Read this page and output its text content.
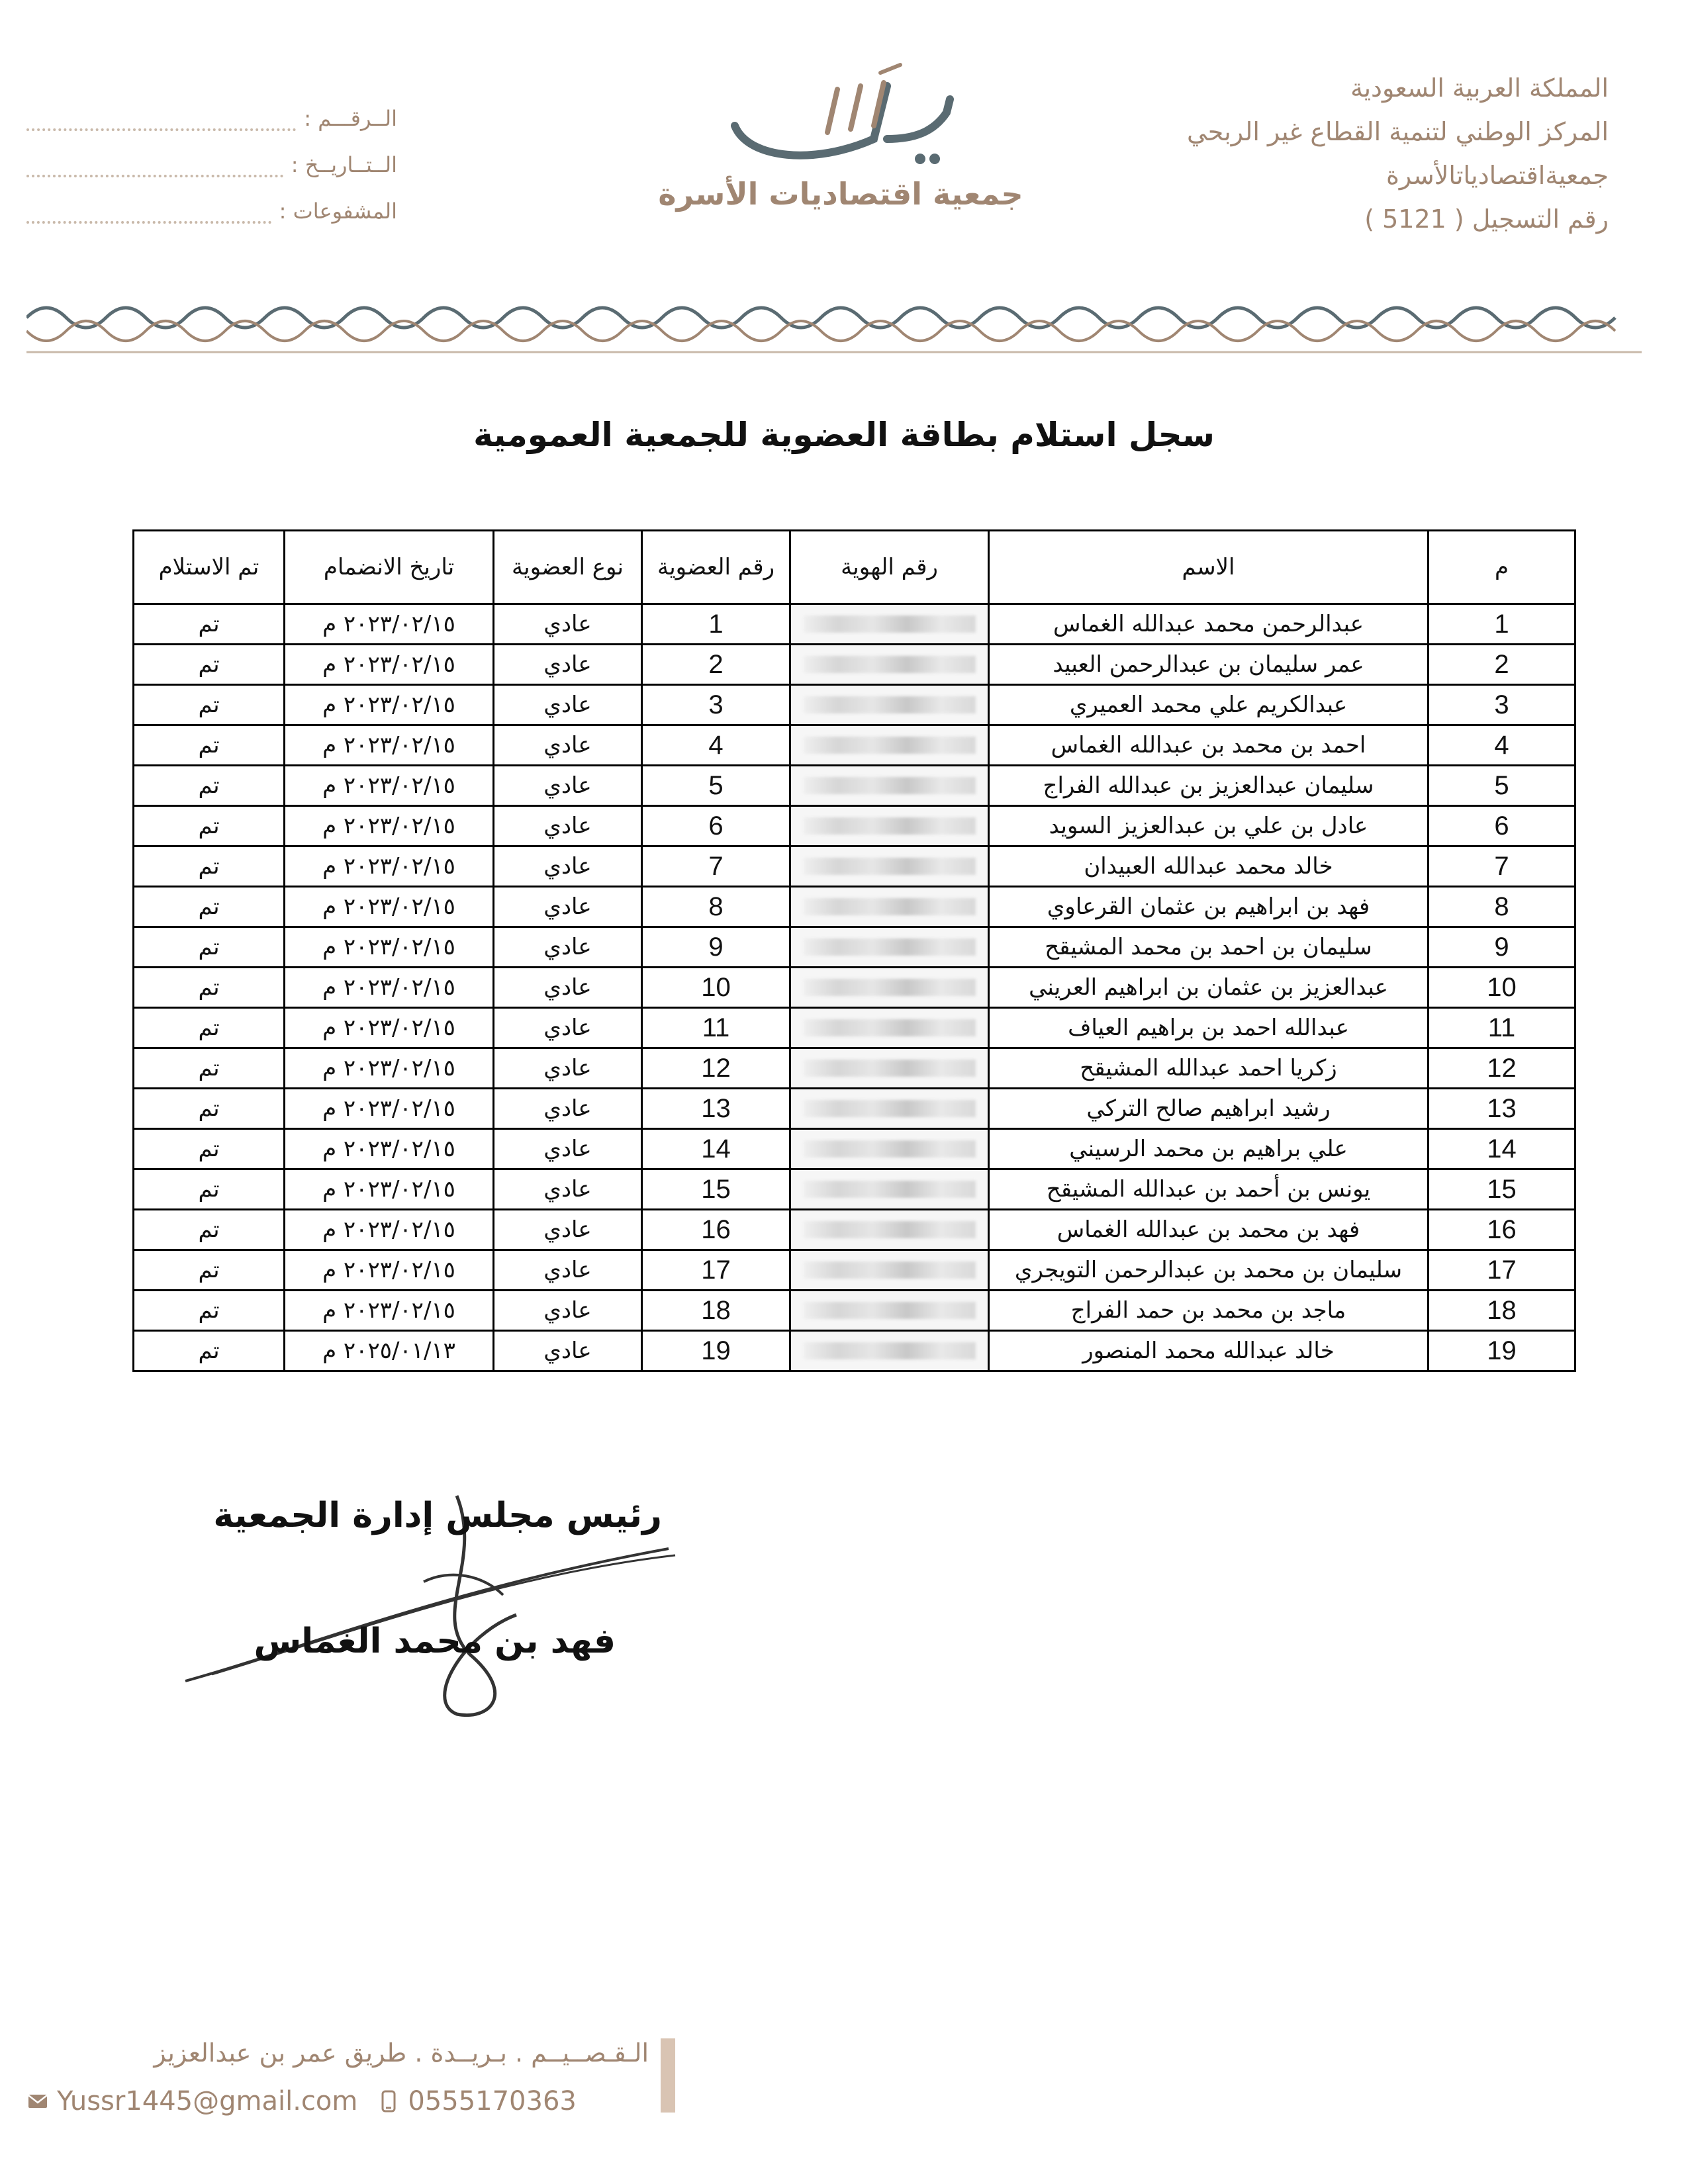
المملكة العربية السعودية
المركز الوطني لتنمية القطاع غير الربحي
جمعيةاقتصادياتالأسرة
رقم التسجيل ( 5121 )
الــرقـــم :
الــتــاريــخ :
المشفوعات :	جمعية اقتصاديات الأسرة
سجل استلام بطاقة العضوية للجمعية العمومية
م	الاسم	رقم الهوية	رقم العضوية	نوع العضوية	تاريخ الانضمام	تم الاستلام
1	عبدالرحمن محمد عبدالله الغماس		1	عادي	٢٠٢٣/٠٢/١٥ م	تم
2	عمر سليمان بن عبدالرحمن العبيد		2	عادي	٢٠٢٣/٠٢/١٥ م	تم
3	عبدالكريم علي محمد العميري		3	عادي	٢٠٢٣/٠٢/١٥ م	تم
4	احمد بن محمد بن عبدالله الغماس		4	عادي	٢٠٢٣/٠٢/١٥ م	تم
5	سليمان عبدالعزيز بن عبدالله الفراج		5	عادي	٢٠٢٣/٠٢/١٥ م	تم
6	عادل بن علي بن عبدالعزيز السويد		6	عادي	٢٠٢٣/٠٢/١٥ م	تم
7	خالد محمد عبدالله العبيدان		7	عادي	٢٠٢٣/٠٢/١٥ م	تم
8	فهد بن ابراهيم بن عثمان القرعاوي		8	عادي	٢٠٢٣/٠٢/١٥ م	تم
9	سليمان بن احمد بن محمد المشيقح		9	عادي	٢٠٢٣/٠٢/١٥ م	تم
10	عبدالعزيز بن عثمان بن ابراهيم العريني		10	عادي	٢٠٢٣/٠٢/١٥ م	تم
11	عبدالله احمد بن براهيم العياف		11	عادي	٢٠٢٣/٠٢/١٥ م	تم
12	زكريا احمد عبدالله المشيقح		12	عادي	٢٠٢٣/٠٢/١٥ م	تم
13	رشيد ابراهيم صالح التركي		13	عادي	٢٠٢٣/٠٢/١٥ م	تم
14	علي براهيم بن محمد الرسيني		14	عادي	٢٠٢٣/٠٢/١٥ م	تم
15	يونس بن أحمد بن عبدالله المشيقح		15	عادي	٢٠٢٣/٠٢/١٥ م	تم
16	فهد بن محمد بن عبدالله الغماس		16	عادي	٢٠٢٣/٠٢/١٥ م	تم
17	سليمان بن محمد بن عبدالرحمن التويجري		17	عادي	٢٠٢٣/٠٢/١٥ م	تم
18	ماجد بن محمد بن حمد الفراج		18	عادي	٢٠٢٣/٠٢/١٥ م	تم
19	خالد عبدالله محمد المنصور		19	عادي	٢٠٢٥/٠١/١٣ م	تم
رئيس مجلس إدارة الجمعية
فهد بن محمد الغماس
الـقـصــيــم . بـريــدة . طريق عمر بن عبدالعزيز
0555170363
Yussr1445@gmail.com
